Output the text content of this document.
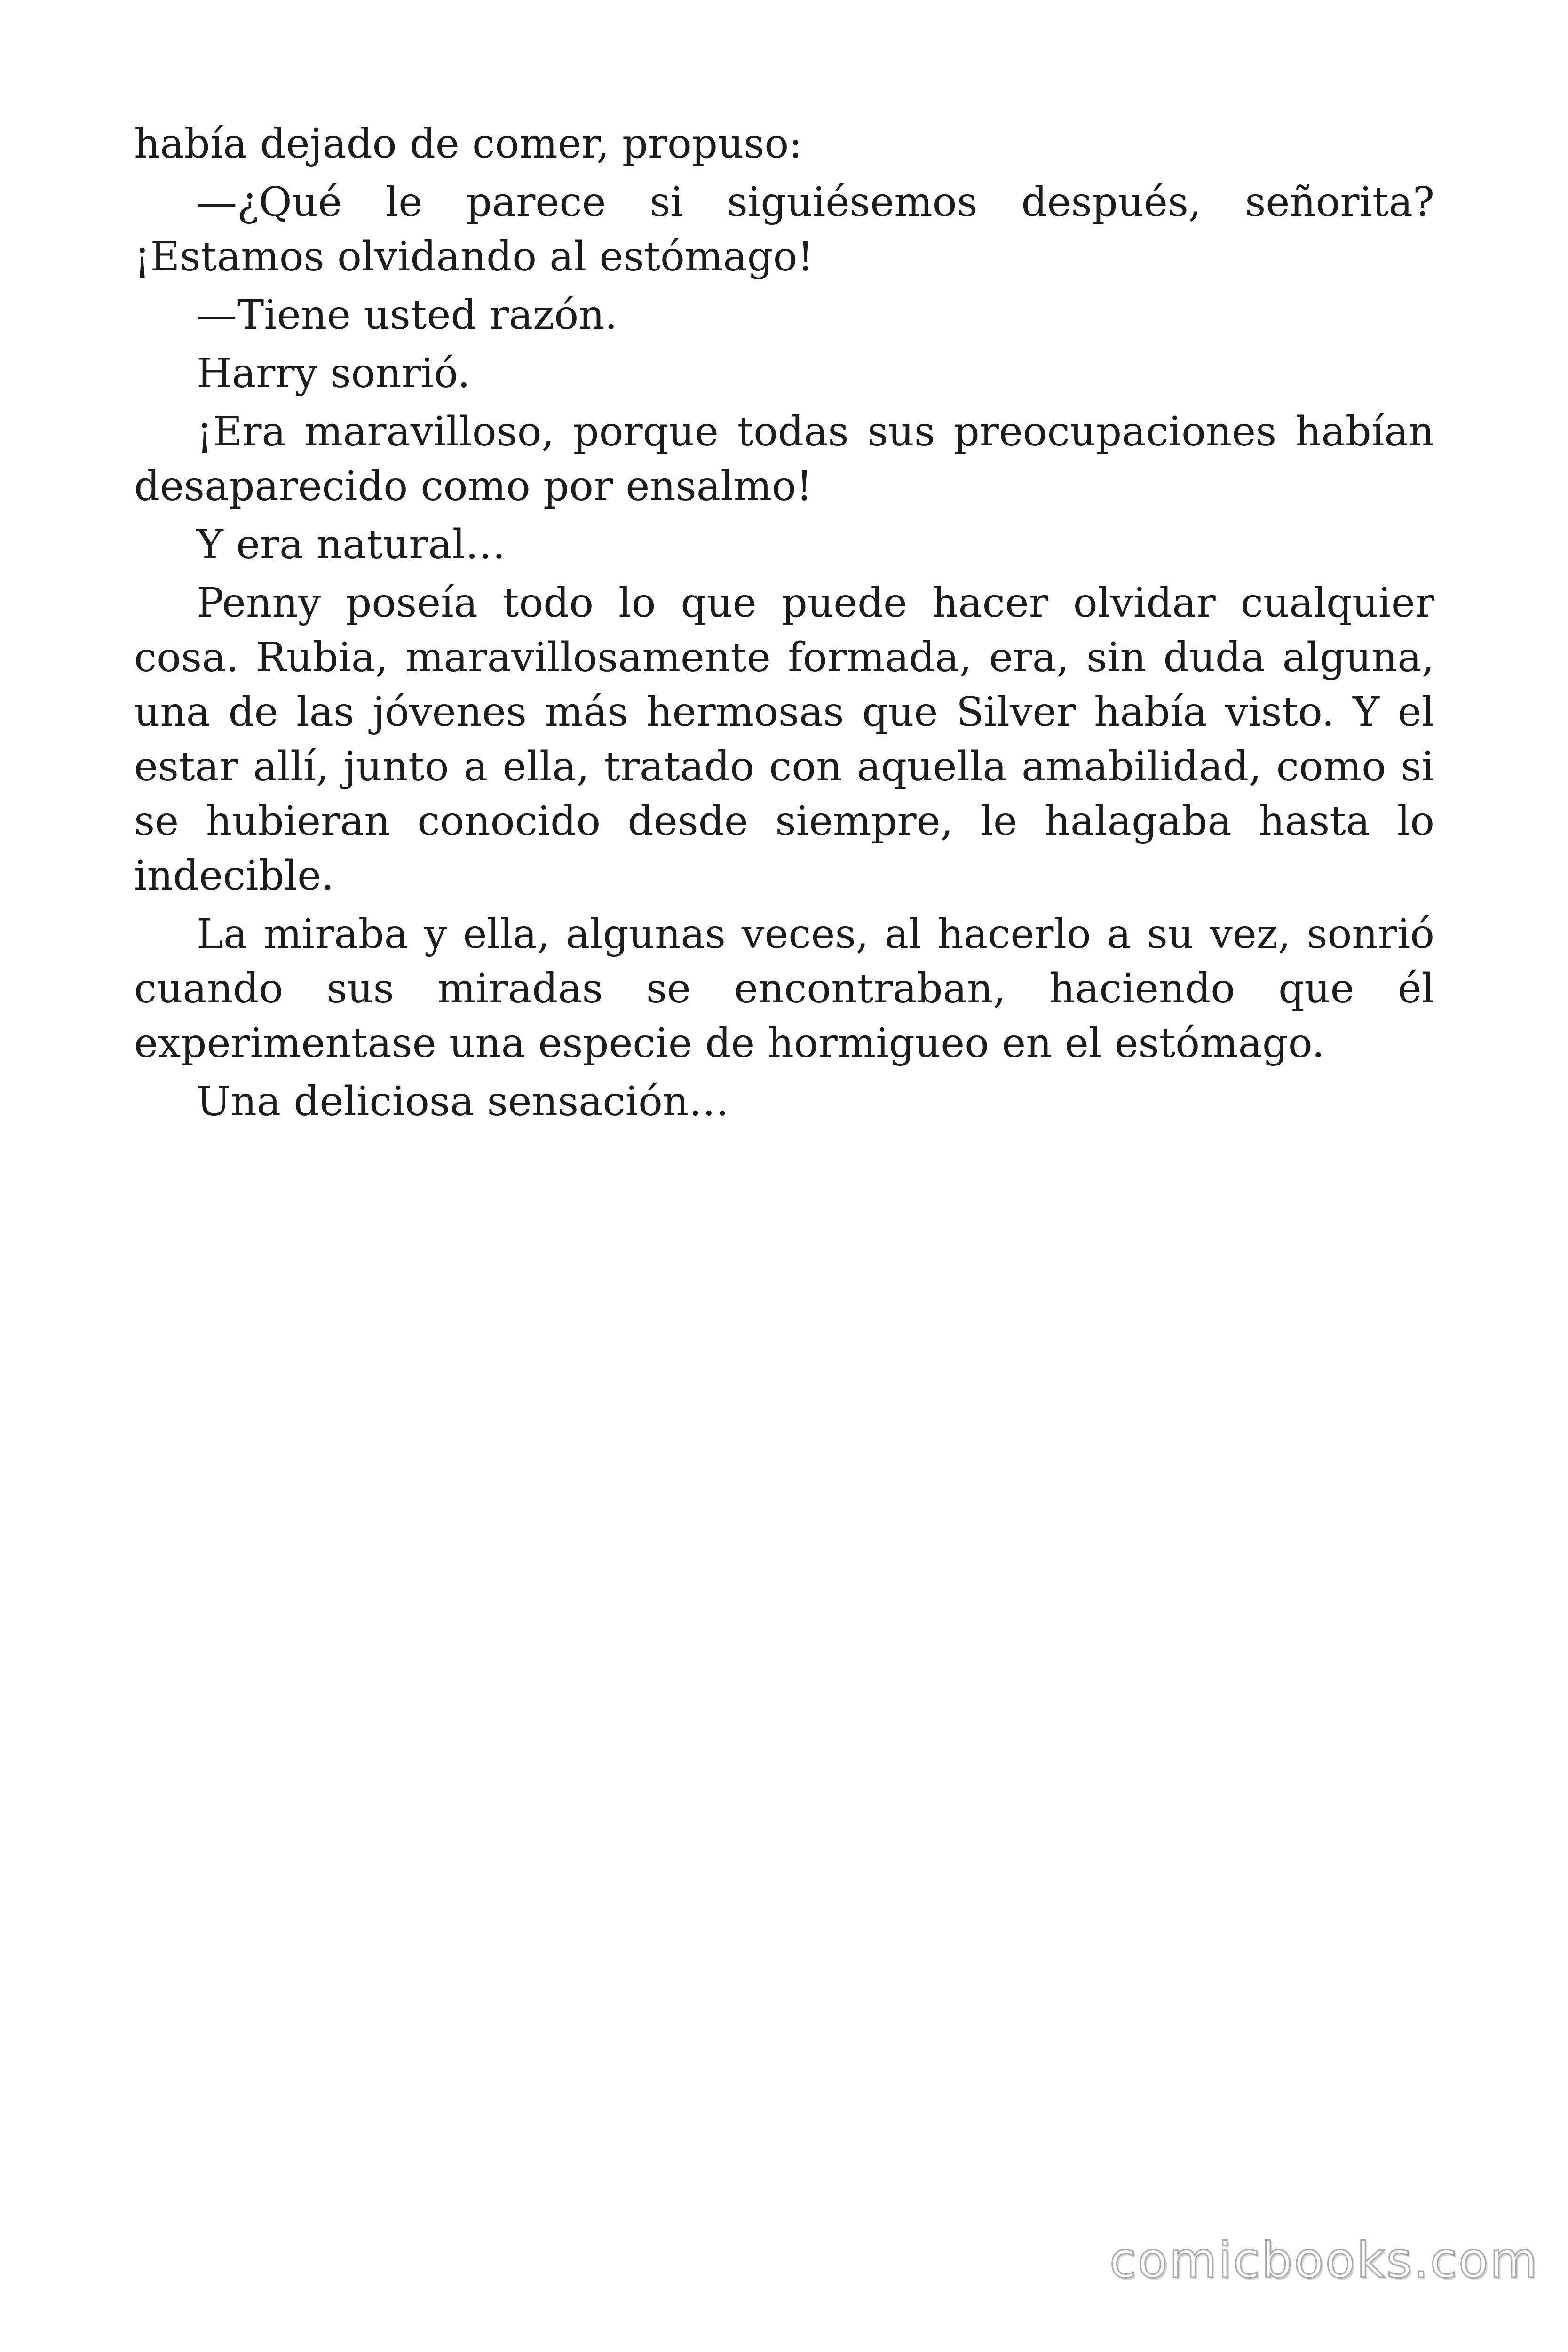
había dejado de comer, propuso:

—¿Qué le parece si siguiésemos después, señorita? ¡Estamos olvidando al estómago!

—Tiene usted razón.

Harry sonrió.

¡Era maravilloso, porque todas sus preocupaciones habían desaparecido como por ensalmo!

Y era natural…

Penny poseía todo lo que puede hacer olvidar cualquier cosa. Rubia, maravillosamente formada, era, sin duda alguna, una de las jóvenes más hermosas que Silver había visto. Y el estar allí, junto a ella, tratado con aquella amabilidad, como si se hubieran conocido desde siempre, le halagaba hasta lo indecible.

La miraba y ella, algunas veces, al hacerlo a su vez, sonrió cuando sus miradas se encontraban, haciendo que él experimentase una especie de hormigueo en el estómago.

Una deliciosa sensación…

comicbooks.com
